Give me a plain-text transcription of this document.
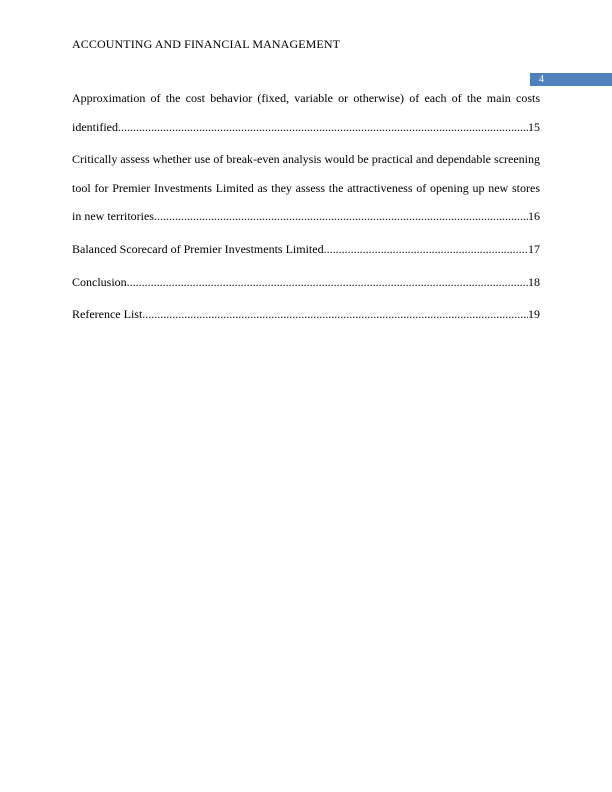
ACCOUNTING AND FINANCIAL MANAGEMENT
4
Approximation of the cost behavior (fixed, variable or otherwise) of each of the main costs
identified .....	15
Critically assess whether use of break-even analysis would be practical and dependable screening
tool for Premier Investments Limited as they assess the attractiveness of opening up new stores
in new territories .....	16
Balanced Scorecard of Premier Investments Limited .....	17
Conclusion .....	18
Reference List .....	19
